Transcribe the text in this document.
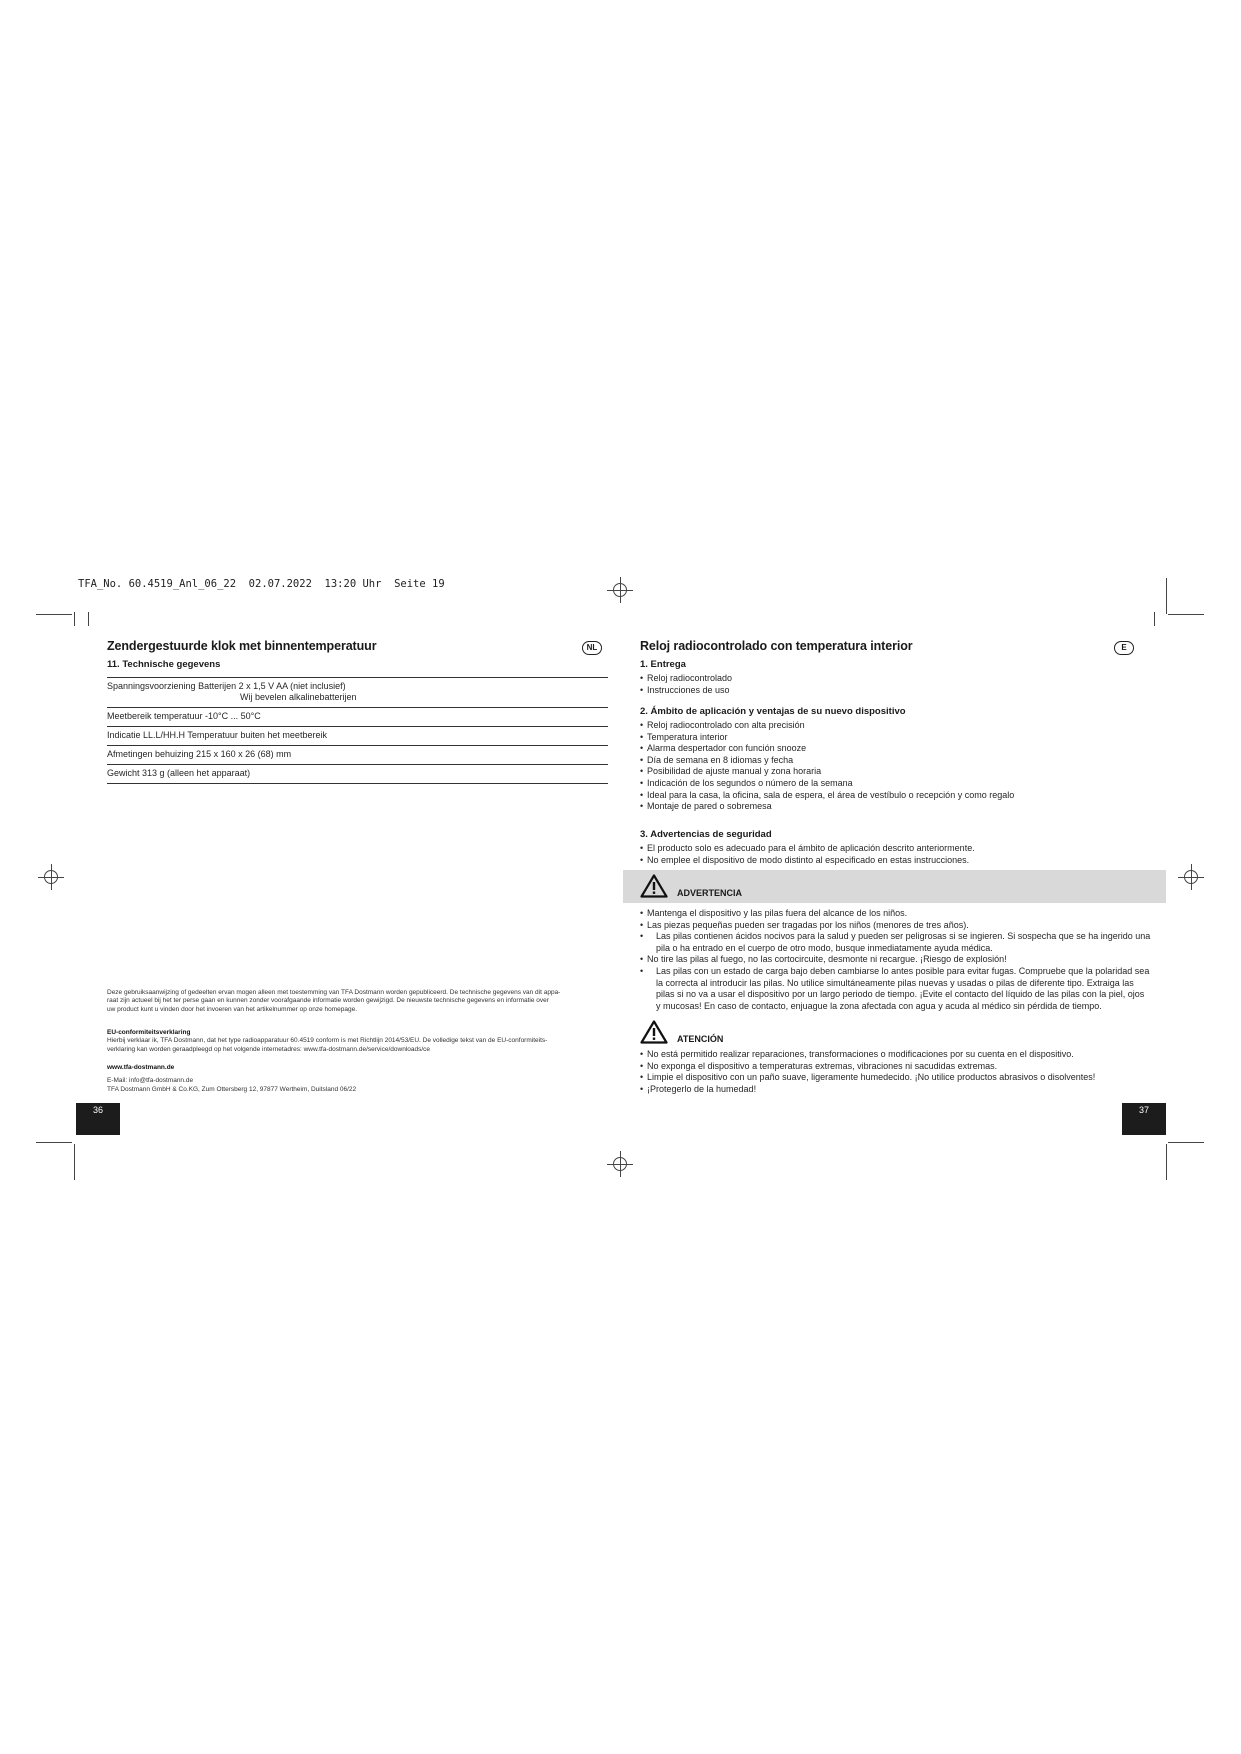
TFA_No. 60.4519_Anl_06_22  02.07.2022  13:20 Uhr  Seite 19
Zendergestuurde klok met binnentemperatuur	NL
11. Technische gegevens
Spanningsvoorziening Batterijen 2 x 1,5 V AA (niet inclusief)
Wij bevelen alkalinebatterijen
Meetbereik temperatuur -10°C ... 50°C
Indicatie LL.L/HH.H Temperatuur buiten het meetbereik
Afmetingen behuizing 215 x 160 x 26 (68) mm
Gewicht 313 g (alleen het apparaat)
Deze gebruiksaanwijzing of gedeelten ervan mogen alleen met toestemming van TFA Dostmann worden gepubliceerd. De technische gegevens van dit appa-
raat zijn actueel bij het ter perse gaan en kunnen zonder voorafgaande informatie worden gewijzigd. De nieuwste technische gegevens en informatie over
uw product kunt u vinden door het invoeren van het artikelnummer op onze homepage.
EU-conformiteitsverklaring
Hierbij verklaar ik, TFA Dostmann, dat het type radioapparatuur 60.4519 conform is met Richtlijn 2014/53/EU. De volledige tekst van de EU-conformiteits-
verklaring kan worden geraadpleegd op het volgende internetadres: www.tfa-dostmann.de/service/downloads/ce
www.tfa-dostmann.de
E-Mail: info@tfa-dostmann.de
TFA Dostmann GmbH & Co.KG, Zum Ottersberg 12, 97877 Wertheim, Duitsland 06/22
36
Reloj radiocontrolado con temperatura interior	E
1. Entrega
• Reloj radiocontrolado
• Instrucciones de uso
2. Ámbito de aplicación y ventajas de su nuevo dispositivo
• Reloj radiocontrolado con alta precisión
• Temperatura interior
• Alarma despertador con función snooze
• Día de semana en 8 idiomas y fecha
• Posibilidad de ajuste manual y zona horaria
• Indicación de los segundos o número de la semana
• Ideal para la casa, la oficina, sala de espera, el área de vestíbulo o recepción y como regalo
• Montaje de pared o sobremesa
3. Advertencias de seguridad
• El producto solo es adecuado para el ámbito de aplicación descrito anteriormente.
• No emplee el dispositivo de modo distinto al especificado en estas instrucciones.
ADVERTENCIA
• Mantenga el dispositivo y las pilas fuera del alcance de los niños.
• Las piezas pequeñas pueden ser tragadas por los niños (menores de tres años).
• Las pilas contienen ácidos nocivos para la salud y pueden ser peligrosas si se ingieren. Si sospecha que se ha ingerido una
pila o ha entrado en el cuerpo de otro modo, busque inmediatamente ayuda médica.
• No tire las pilas al fuego, no las cortocircuite, desmonte ni recargue. ¡Riesgo de explosión!
• Las pilas con un estado de carga bajo deben cambiarse lo antes posible para evitar fugas. Compruebe que la polaridad sea
la correcta al introducir las pilas. No utilice simultáneamente pilas nuevas y usadas o pilas de diferente tipo. Extraiga las
pilas si no va a usar el dispositivo por un largo periodo de tiempo. ¡Evite el contacto del líquido de las pilas con la piel, ojos
y mucosas! En caso de contacto, enjuague la zona afectada con agua y acuda al médico sin pérdida de tiempo.
ATENCIÓN
• No está permitido realizar reparaciones, transformaciones o modificaciones por su cuenta en el dispositivo.
• No exponga el dispositivo a temperaturas extremas, vibraciones ni sacudidas extremas.
• Limpie el dispositivo con un paño suave, ligeramente humedecido. ¡No utilice productos abrasivos o disolventes!
• ¡Protegerlo de la humedad!
37
